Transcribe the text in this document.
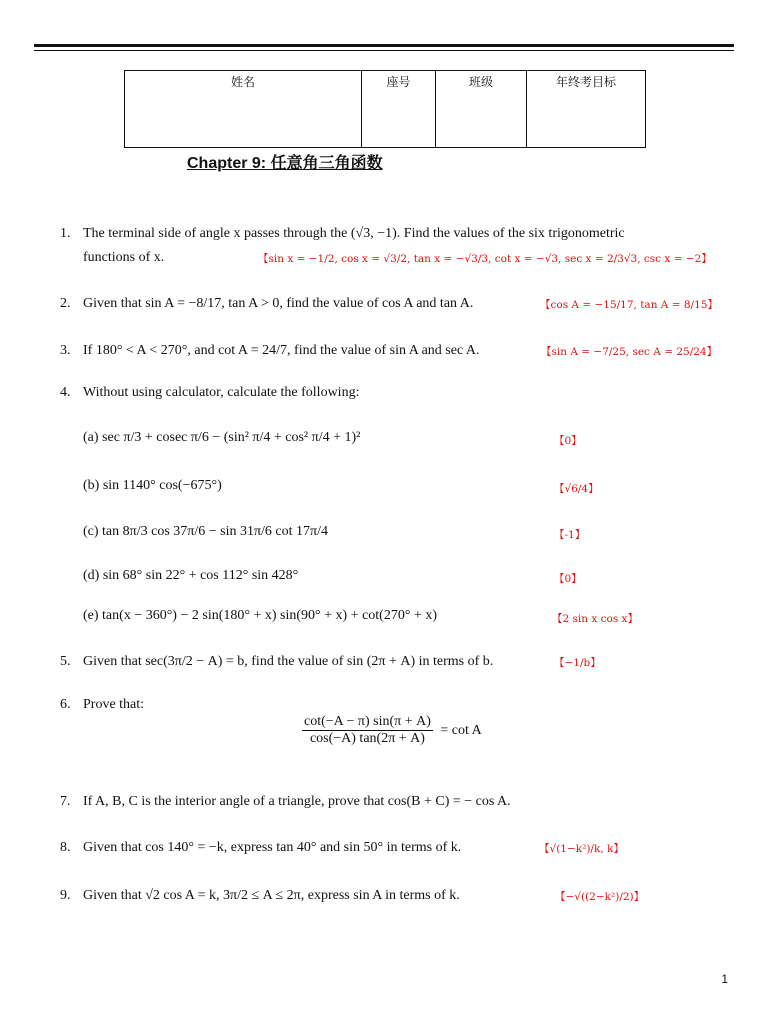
姓名	座号	班级	年终考目标
Chapter 9: 任意角三角函数
1. The terminal side of angle x passes through the (√3, −1). Find the values of the six trigonometric
functions of x.	【sin x = −1/2, cos x = √3/2, tan x = −√3/3, cot x = −√3, sec x = 2/3√3, csc x = −2】
2. Given that sin A = −8/17, tan A > 0, find the value of cos A and tan A.	【cos A = −15/17, tan A = 8/15】
3. If 180° < A < 270°, and cot A = 24/7, find the value of sin A and sec A.	【sin A = −7/25, sec A = 25/24】
4. Without using calculator, calculate the following:
(a) sec π/3 + cosec π/6 − (sin² π/4 + cos² π/4 + 1)²	【0】
(b) sin 1140° cos(−675°)	【√6/4】
(c) tan 8π/3 cos 37π/6 − sin 31π/6 cot 17π/4	【-1】
(d) sin 68° sin 22° + cos 112° sin 428°	【0】
(e) tan(x − 360°) − 2 sin(180° + x) sin(90° + x) + cot(270° + x)	【2 sin x cos x】
5. Given that sec(3π/2 − A) = b, find the value of sin (2π + A) in terms of b.	【−1/b】
6. Prove that:
$\frac{\cot(-A - \pi) \sin(\pi + A)}{\cos(-A) \tan(2\pi + A)} = \cot A$
7. If A, B, C is the interior angle of a triangle, prove that cos(B + C) = − cos A.
8. Given that cos 140° = −k, express tan 40° and sin 50° in terms of k.	【√(1−k²)/k, k】
9. Given that √2 cos A = k, 3π/2 ≤ A ≤ 2π, express sin A in terms of k.	【−√((2−k²)/2)】
1
